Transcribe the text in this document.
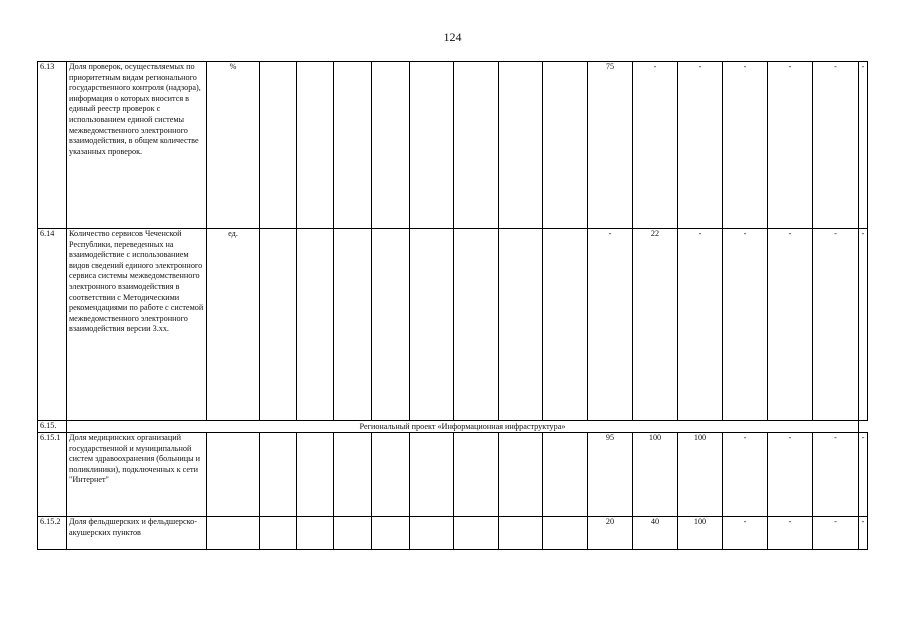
124
6.13	Доля проверок, осуществляемых по приоритетным видам регионального государственного контроля (надзора), информация о которых вносится в единый реестр проверок с использованием единой системы межведомственного электронного взаимодействия, в общем количестве указанных проверок.	%									75	-	-	-	-	-	-
6.14	Количество сервисов Чеченской Республики, переведенных на взаимодействие с использованием видов сведений единого электронного сервиса системы межведомственного электронного взаимодействия в соответствии с Методическими рекомендациями по работе с системой межведомственного электронного взаимодействия версии 3.хх.	ед.									-	22	-	-	-	-	-
6.15.	Региональный проект «Информационная инфраструктура»																
6.15.1	Доля медицинских организаций государственной и муниципальной систем здравоохранения (больницы и поликлиники), подключенных к сети "Интернет"										95	100	100	-	-	-	-
6.15.2	Доля фельдшерских и фельдшерско-акушерских пунктов										20	40	100	-	-	-	-
